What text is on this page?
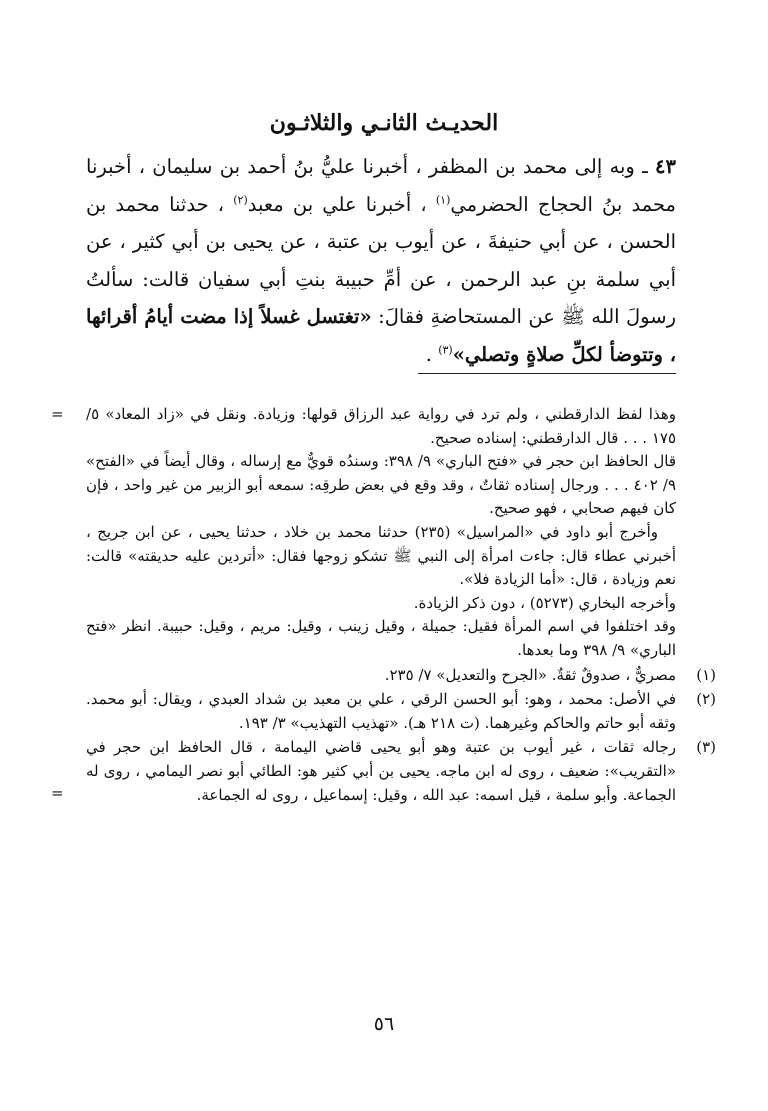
الحديـث الثانـي والثلاثـون

٤٣ ـ وبه إلى محمد بن المظفر ، أخبرنا عليُّ بنُ أحمد بن سليمان ، أخبرنا محمد بنُ الحجاج الحضرمي$^{(١)}$ ، أخبرنا علي بن معبد$^{(٢)}$ ، حدثنا محمد بن الحسن ، عن أبي حنيفةَ ، عن أيوب بن عتبة ، عن يحيى بن أبي كثير ، عن أبي سلمة بنِ عبد الرحمن ، عن أمِّ حبيبة بنتِ أبي سفيان قالت: سألتُ رسولَ الله ﷺ عن المستحاضةِ فقالَ: «تغتسل غسلاً إذا مضت أيامُ أقرائها ، وتتوضأ لكلِّ صلاةٍ وتصلي»$^{(٣)}$ .

= وهذا لفظ الدارقطني ، ولم ترد في رواية عبد الرزاق قولها: وزيادة. ونقل في «زاد المعاد» ٥/ ١٧٥ . . . قال الدارقطني: إسناده صحيح.

قال الحافظ ابن حجر في «فتح الباري» ٩/ ٣٩٨: وسندُه قويٌّ مع إرساله ، وقال أيضاً في «الفتح» ٩/ ٤٠٢ . . . ورجال إسناده ثقاتٌ ، وقد وقع في بعض طرقِه: سمعه أبو الزبير من غير واحد ، فإن كان فيهم صحابي ، فهو صحيح.

وأخرج أبو داود في «المراسيل» (٢٣٥) حدثنا محمد بن خلاد ، حدثنا يحيى ، عن ابن جريج ، أخبرني عطاء قال: جاءت امرأة إلى النبي ﷺ تشكو زوجها فقال: «أتردين عليه حديقته» قالت: نعم وزيادة ، قال: «أما الزيادة فلا».

وأخرجه البخاري (٥٢٧٣) ، دون ذكر الزيادة.

وقد اختلفوا في اسم المرأة فقيل: جميلة ، وقيل زينب ، وقيل: مريم ، وقيل: حبيبة. انظر «فتح الباري» ٩/ ٣٩٨ وما بعدها.

(١)

مصريٌّ ، صدوقٌ ثقةٌ. «الجرح والتعديل» ٧/ ٢٣٥.

(٢)

في الأصل: محمد ، وهو: أبو الحسن الرقي ، علي بن معبد بن شداد العبدي ، ويقال: أبو محمد. وثقه أبو حاتم والحاكم وغيرهما. (ت ٢١٨ هـ). «تهذيب التهذيب» ٣/ ١٩٣.

(٣)

رجاله ثقات ، غير أيوب بن عتبة وهو أبو يحيى قاضي اليمامة ، قال الحافظ ابن حجر في «التقريب»: ضعيف ، روى له ابن ماجه. يحيى بن أبي كثير هو: الطائي أبو نصر اليمامي ، روى له الجماعة. وأبو سلمة ، قيل اسمه: عبد الله ، وقيل: إسماعيل ، روى له الجماعة.

=
٥٦
